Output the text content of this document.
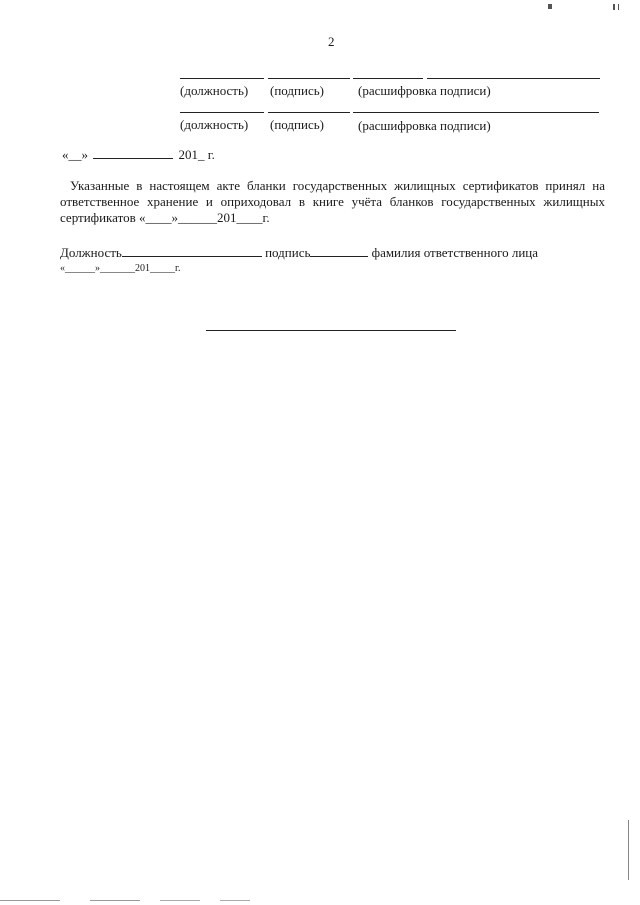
2
(должность) (подпись)	(расшифровка подписи)
(должность) (подпись)	(расшифровка подписи)
«__»	201_ г.
Указанные в настоящем акте бланки государственных жилищных сертификатов принял на ответственное хранение и оприходовал в книге учёта бланков государственных жилищных сертификатов «____»______201____г.
Должность	подпись	фамилия ответственного лица
«______»_______201_____г.
